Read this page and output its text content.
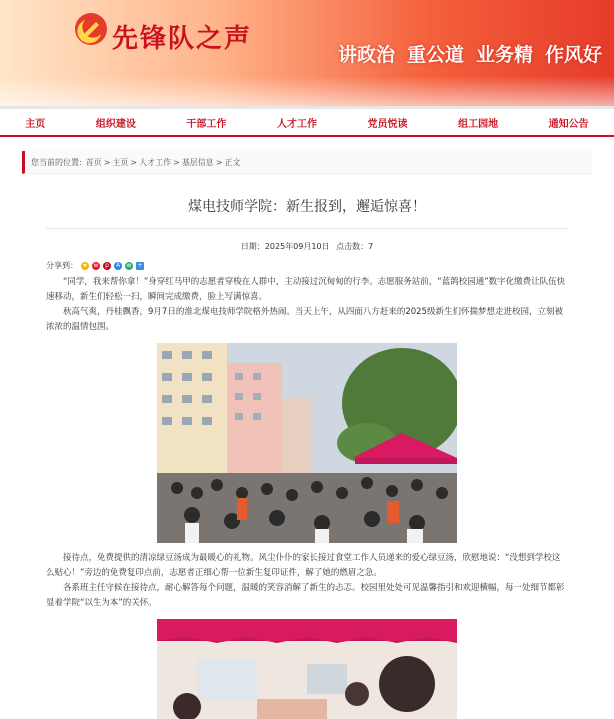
先锋队之声
讲政治 重公道 业务精 作风好
主页	组织建设	干部工作	人才工作	党员悦读	组工园地	通知公告
您当前的位置: 首页 > 主页 > 人才工作 > 基层信息 > 正文
煤电技师学院：新生报到，邂逅惊喜！
日期：2025年09月10日 点击数：7
分享到： ★ w	p	A	w +

“同学，我来帮你拿！”身穿红马甲的志愿者穿梭在人群中，主动接过沉甸甸的行李。志愿服务站前，“蓝鸽校园通”数字化缴费让队伍快速移动，新生们轻松一扫，瞬间完成缴费，脸上写满惊喜。

秋高气爽，丹桂飘香，9月7日的淮北煤电技师学院格外热闹。当天上午，从四面八方赶来的2025级新生们怀揣梦想走进校园，立刻被浓浓的温情包围。

接待点，免费提供的清凉绿豆汤成为最暖心的礼物。风尘仆仆的家长接过食堂工作人员递来的爱心绿豆汤，欣慰地说：“没想到学校这么贴心！”旁边的免费复印点前，志愿者正细心帮一位新生复印证件，解了她的燃眉之急。

各系班主任守候在接待点，耐心解答每个问题，温暖的笑容消解了新生的忐忑。校园里处处可见温馨指引和欢迎横幅，每一处细节都彰显着学院“以生为本”的关怀。
